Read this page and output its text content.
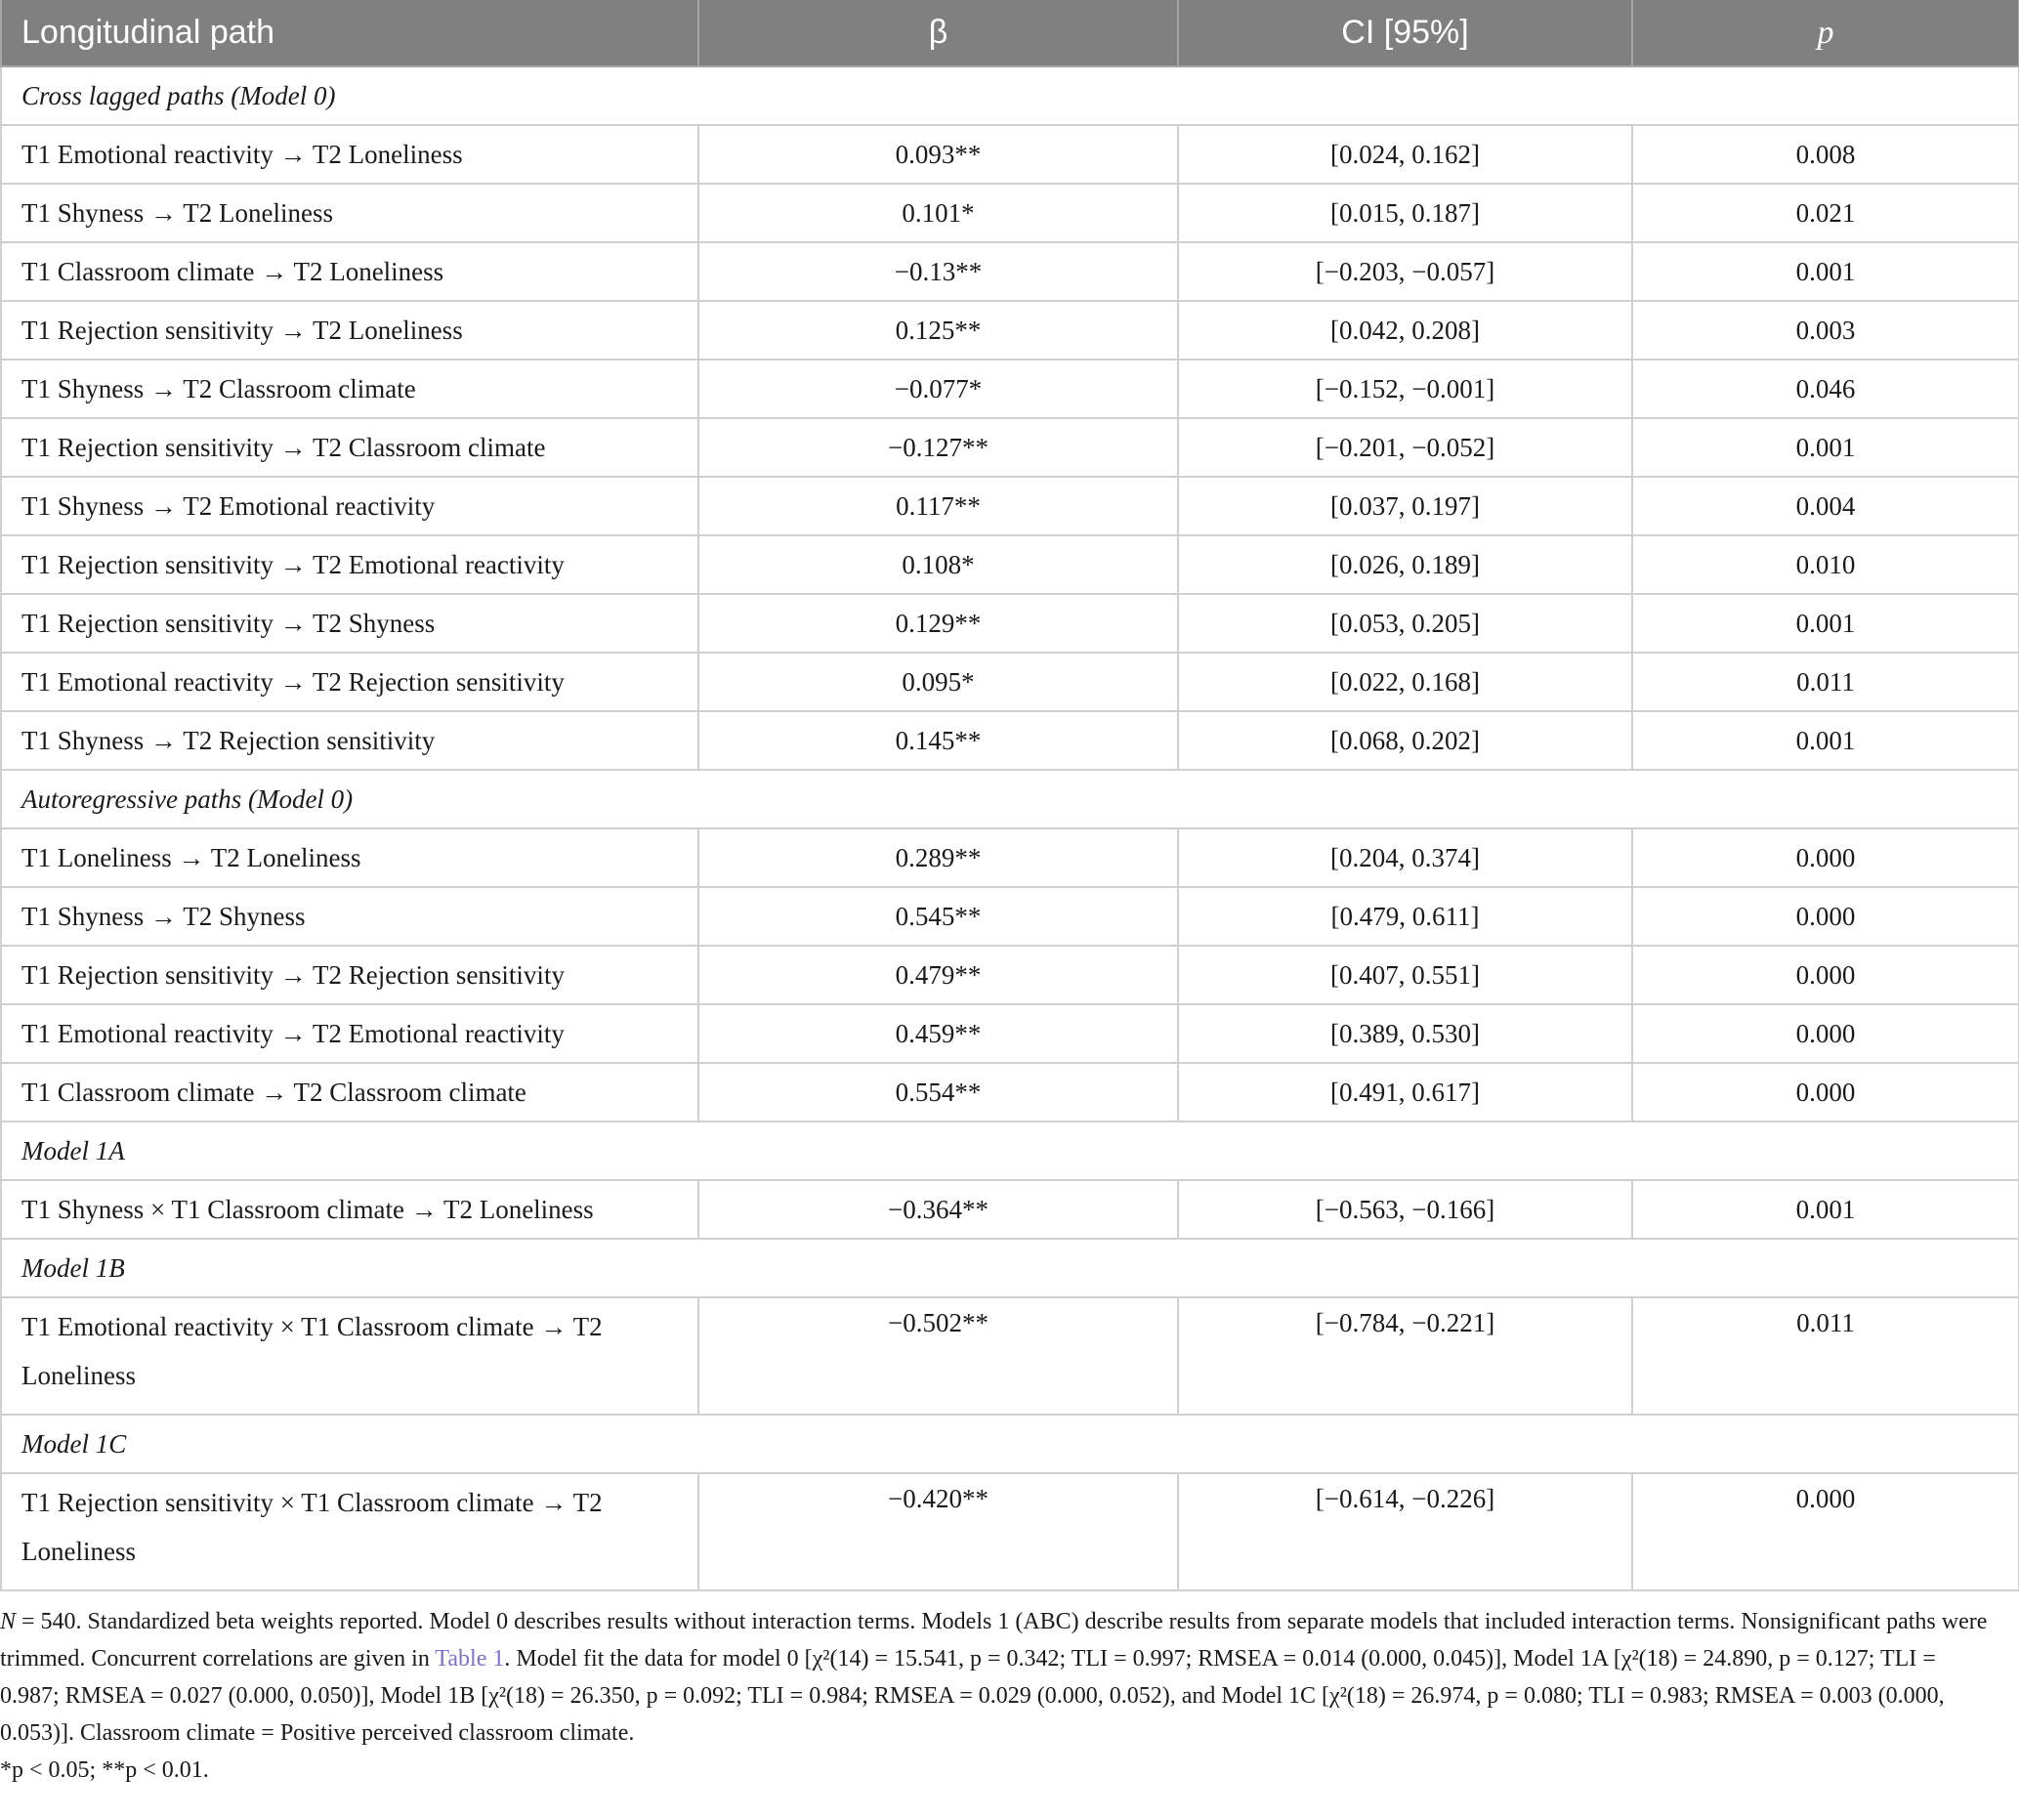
Longitudinal path	β	CI [95%]	p
Cross lagged paths (Model 0)			
T1 Emotional reactivity → T2 Loneliness	0.093**	[0.024, 0.162]	0.008
T1 Shyness → T2 Loneliness	0.101*	[0.015, 0.187]	0.021
T1 Classroom climate → T2 Loneliness	−0.13**	[−0.203, −0.057]	0.001
T1 Rejection sensitivity → T2 Loneliness	0.125**	[0.042, 0.208]	0.003
T1 Shyness → T2 Classroom climate	−0.077*	[−0.152, −0.001]	0.046
T1 Rejection sensitivity → T2 Classroom climate	−0.127**	[−0.201, −0.052]	0.001
T1 Shyness → T2 Emotional reactivity	0.117**	[0.037, 0.197]	0.004
T1 Rejection sensitivity → T2 Emotional reactivity	0.108*	[0.026, 0.189]	0.010
T1 Rejection sensitivity → T2 Shyness	0.129**	[0.053, 0.205]	0.001
T1 Emotional reactivity → T2 Rejection sensitivity	0.095*	[0.022, 0.168]	0.011
T1 Shyness → T2 Rejection sensitivity	0.145**	[0.068, 0.202]	0.001
Autoregressive paths (Model 0)			
T1 Loneliness → T2 Loneliness	0.289**	[0.204, 0.374]	0.000
T1 Shyness → T2 Shyness	0.545**	[0.479, 0.611]	0.000
T1 Rejection sensitivity → T2 Rejection sensitivity	0.479**	[0.407, 0.551]	0.000
T1 Emotional reactivity → T2 Emotional reactivity	0.459**	[0.389, 0.530]	0.000
T1 Classroom climate → T2 Classroom climate	0.554**	[0.491, 0.617]	0.000
Model 1A			
T1 Shyness × T1 Classroom climate → T2 Loneliness	−0.364**	[−0.563, −0.166]	0.001
Model 1B			
T1 Emotional reactivity × T1 Classroom climate → T2 Loneliness	−0.502**	[−0.784, −0.221]	0.011
Model 1C			
T1 Rejection sensitivity × T1 Classroom climate → T2 Loneliness	−0.420**	[−0.614, −0.226]	0.000
N = 540. Standardized beta weights reported. Model 0 describes results without interaction terms. Models 1 (ABC) describe results from separate models that included interaction terms. Nonsignificant paths were trimmed. Concurrent correlations are given in Table 1. Model fit the data for model 0 [χ²(14) = 15.541, p = 0.342; TLI = 0.997; RMSEA = 0.014 (0.000, 0.045)], Model 1A [χ²(18) = 24.890, p = 0.127; TLI = 0.987; RMSEA = 0.027 (0.000, 0.050)], Model 1B [χ²(18) = 26.350, p = 0.092; TLI = 0.984; RMSEA = 0.029 (0.000, 0.052), and Model 1C [χ²(18) = 26.974, p = 0.080; TLI = 0.983; RMSEA = 0.003 (0.000, 0.053)]. Classroom climate = Positive perceived classroom climate.
*p < 0.05; **p < 0.01.
